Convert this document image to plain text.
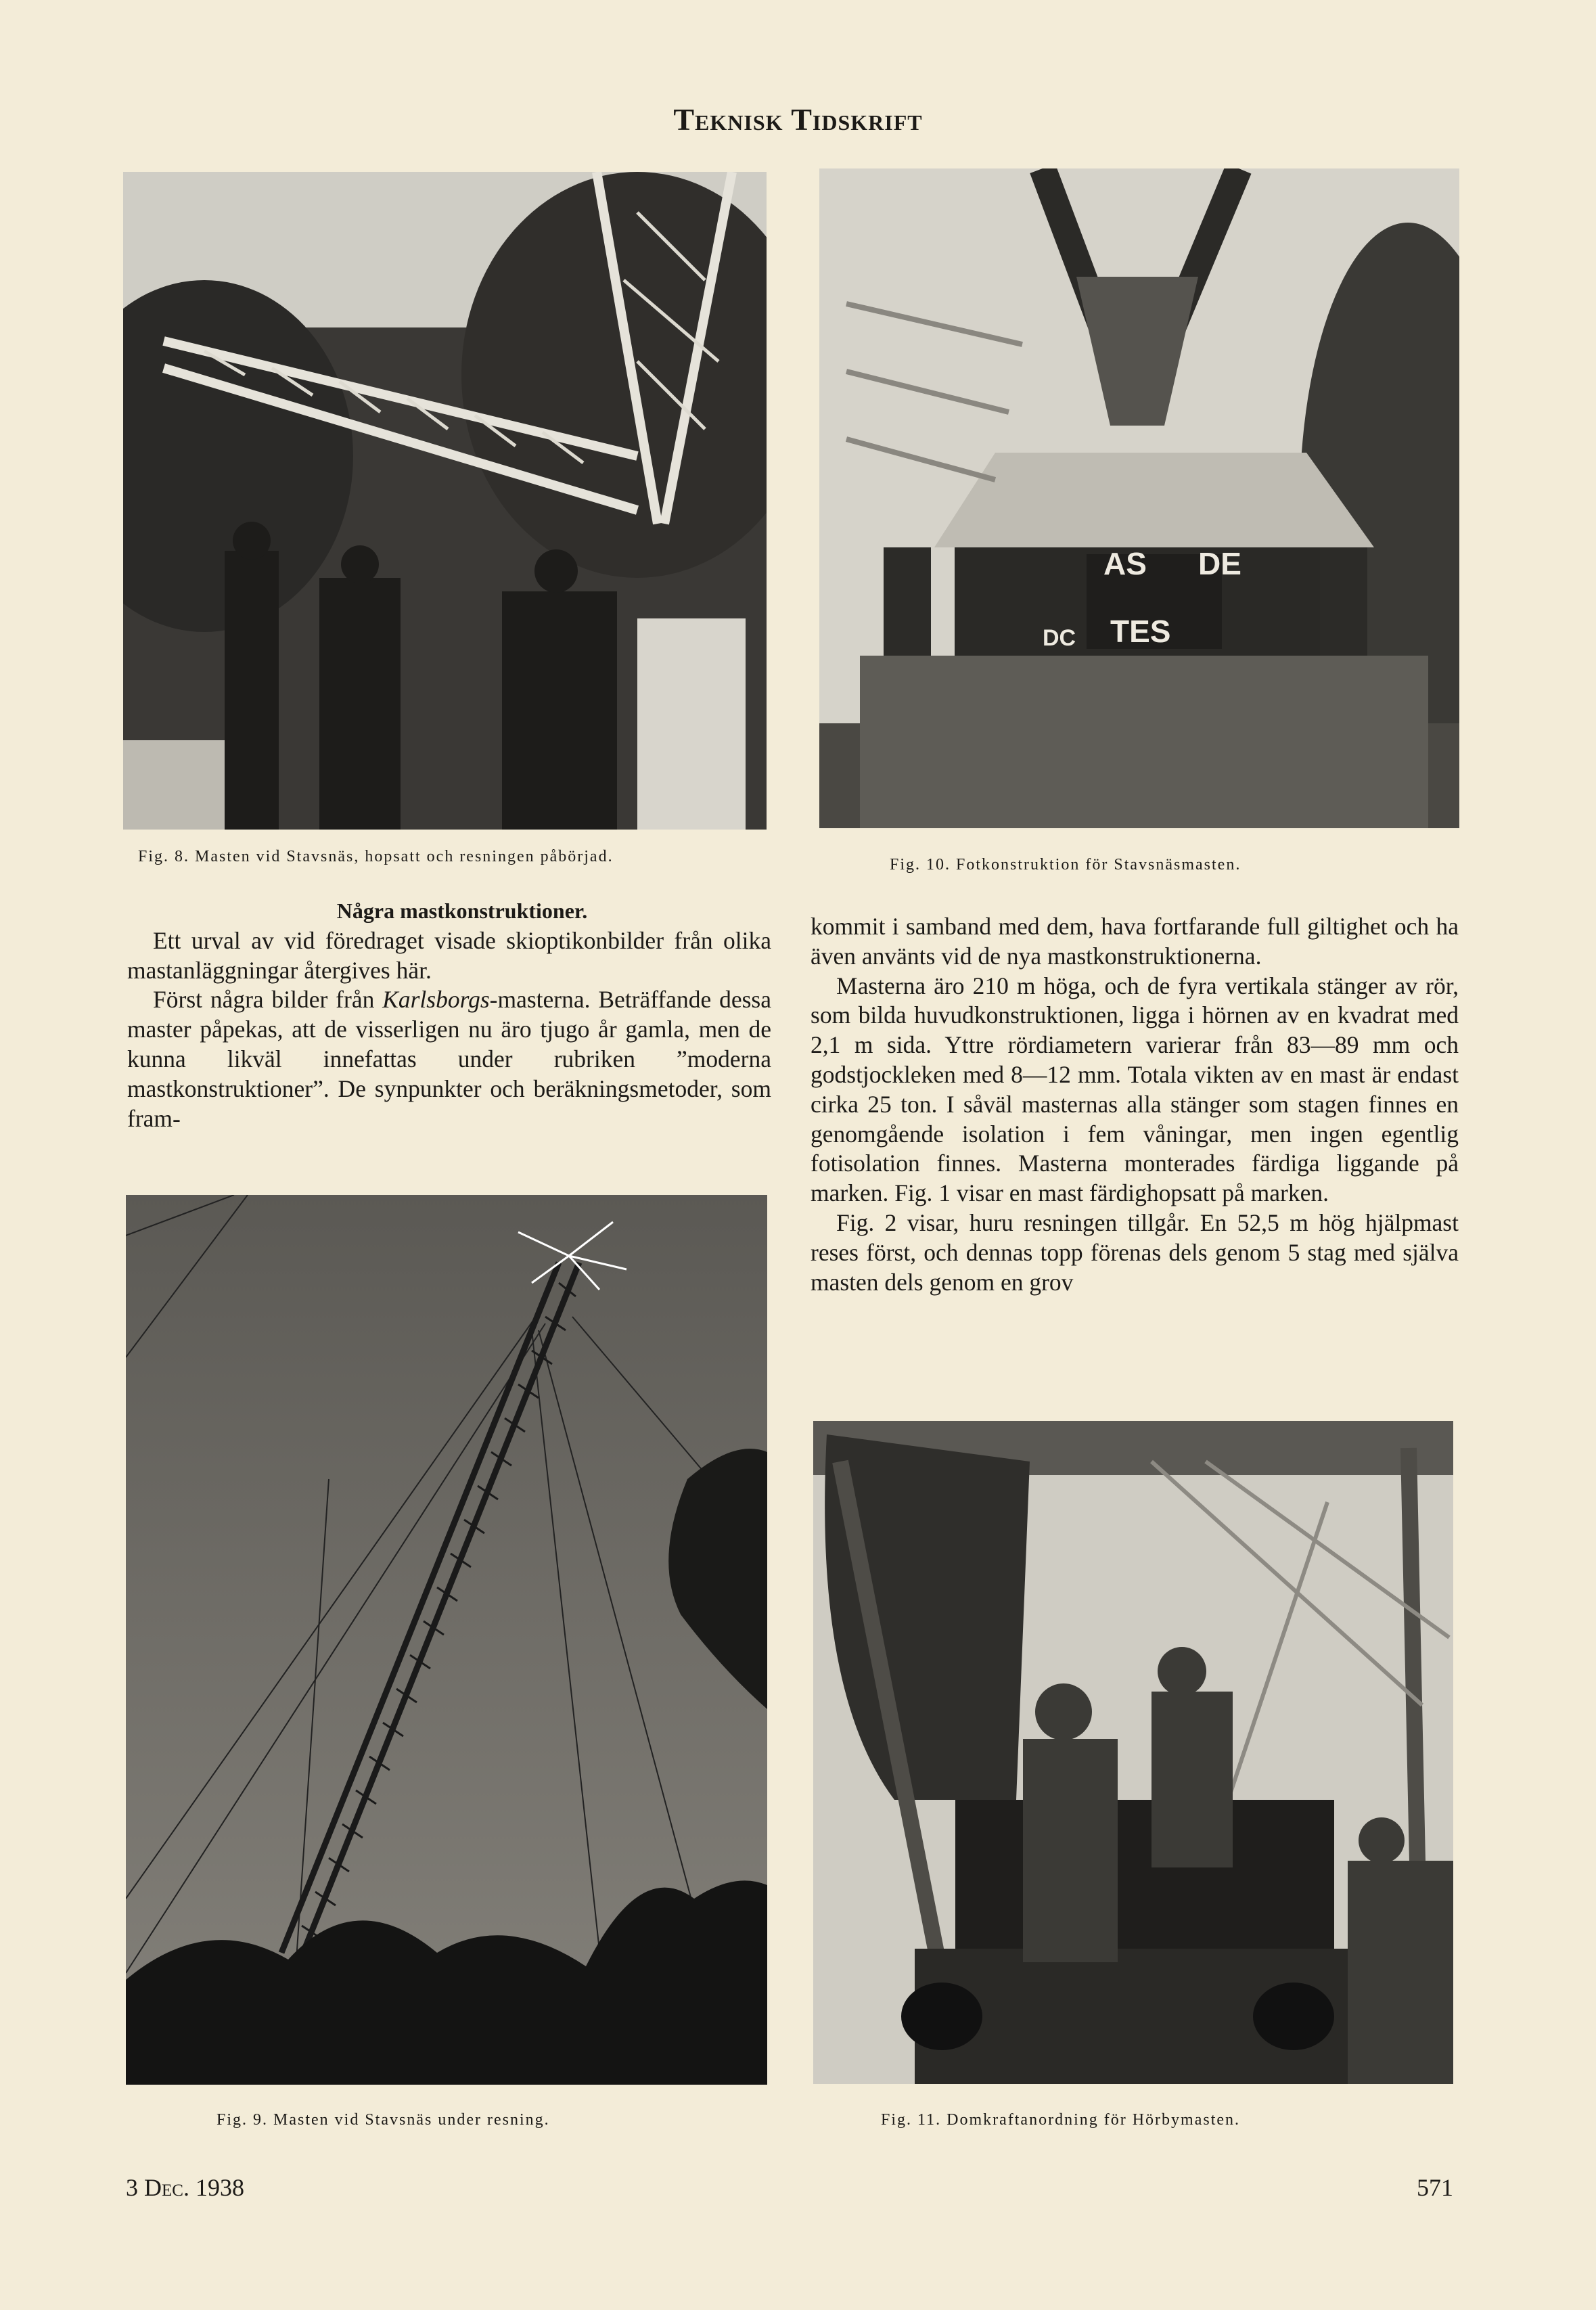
Teknisk Tidskrift
Fig. 8. Masten vid Stavsnäs, hopsatt och resningen påbörjad.
AS DE
TES
DC
Fig. 10. Fotkonstruktion för Stavsnäsmasten.

Några mastkonstruktioner.

Ett urval av vid föredraget visade skioptikonbilder från olika mastanläggningar återgives här.

Först några bilder från Karlsborgs-masterna. Beträffande dessa master påpekas, att de visserligen nu äro tjugo år gamla, men de kunna likväl innefattas under rubriken ”moderna mastkonstruktioner”. De synpunkter och beräkningsmetoder, som fram-

kommit i samband med dem, hava fortfarande full giltighet och ha även använts vid de nya mastkonstruktionerna.

Masterna äro 210 m höga, och de fyra vertikala stänger av rör, som bilda huvudkonstruktionen, ligga i hörnen av en kvadrat med 2,1 m sida. Yttre rördiametern varierar från 83—89 mm och godstjockleken med 8—12 mm. Totala vikten av en mast är endast cirka 25 ton. I såväl masternas alla stänger som stagen finnes en genomgående isolation i fem våningar, men ingen egentlig fotisolation finnes. Masterna monterades färdiga liggande på marken. Fig. 1 visar en mast färdighopsatt på marken.

Fig. 2 visar, huru resningen tillgår. En 52,5 m hög hjälpmast reses först, och dennas topp förenas dels genom 5 stag med själva masten dels genom en grov

Fig. 9. Masten vid Stavsnäs under resning.	Fig. 11. Domkraftanordning för Hörbymasten.
3 Dec. 1938	571
